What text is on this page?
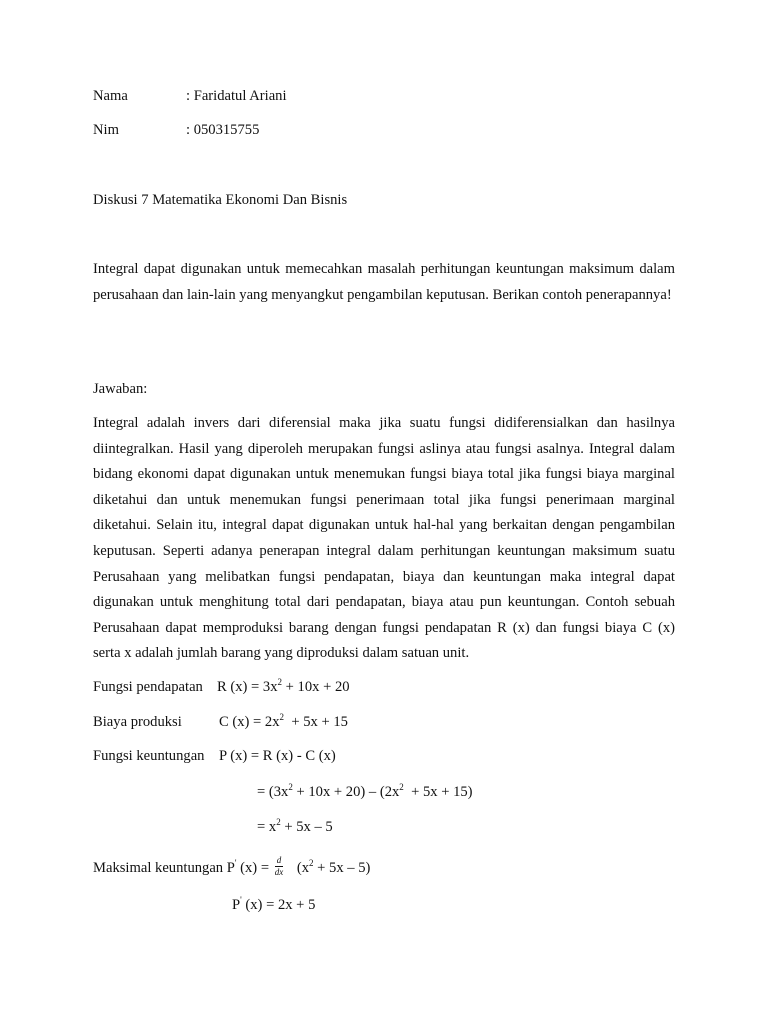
Nama	: Faridatul Ariani
Nim	: 050315755
Diskusi 7 Matematika Ekonomi Dan Bisnis
Integral dapat digunakan untuk memecahkan masalah perhitungan keuntungan maksimum dalam perusahaan dan lain-lain yang menyangkut pengambilan keputusan. Berikan contoh penerapannya!
Jawaban:
Integral adalah invers dari diferensial maka jika suatu fungsi didiferensialkan dan hasilnya diintegralkan. Hasil yang diperoleh merupakan fungsi aslinya atau fungsi asalnya. Integral dalam bidang ekonomi dapat digunakan untuk menemukan fungsi biaya total jika fungsi biaya marginal diketahui dan untuk menemukan fungsi penerimaan total jika fungsi penerimaan marginal diketahui. Selain itu, integral dapat digunakan untuk hal-hal yang berkaitan dengan pengambilan keputusan. Seperti adanya penerapan integral dalam perhitungan keuntungan maksimum suatu Perusahaan yang melibatkan fungsi pendapatan, biaya dan keuntungan maka integral dapat digunakan untuk menghitung total dari pendapatan, biaya atau pun keuntungan. Contoh sebuah Perusahaan dapat memproduksi barang dengan fungsi pendapatan R (x) dan fungsi biaya C (x) serta x adalah jumlah barang yang diproduksi dalam satuan unit.
Fungsi pendapatan R $(x) = 3x^2 + 10x + 20$
Biaya produksi	C $(x) = 2x^2 + 5x + 15$
Fungsi keuntungan P (x) = R (x) - C (x)
= $(3x^2 + 10x + 20) - (2x^2 + 5x + 15)$
= $x^2 + 5x - 5$
Maksimal keuntungan P' $(x) = \frac{d}{dx} (x^2 + 5x - 5)$
P' (x) = 2x + 5
